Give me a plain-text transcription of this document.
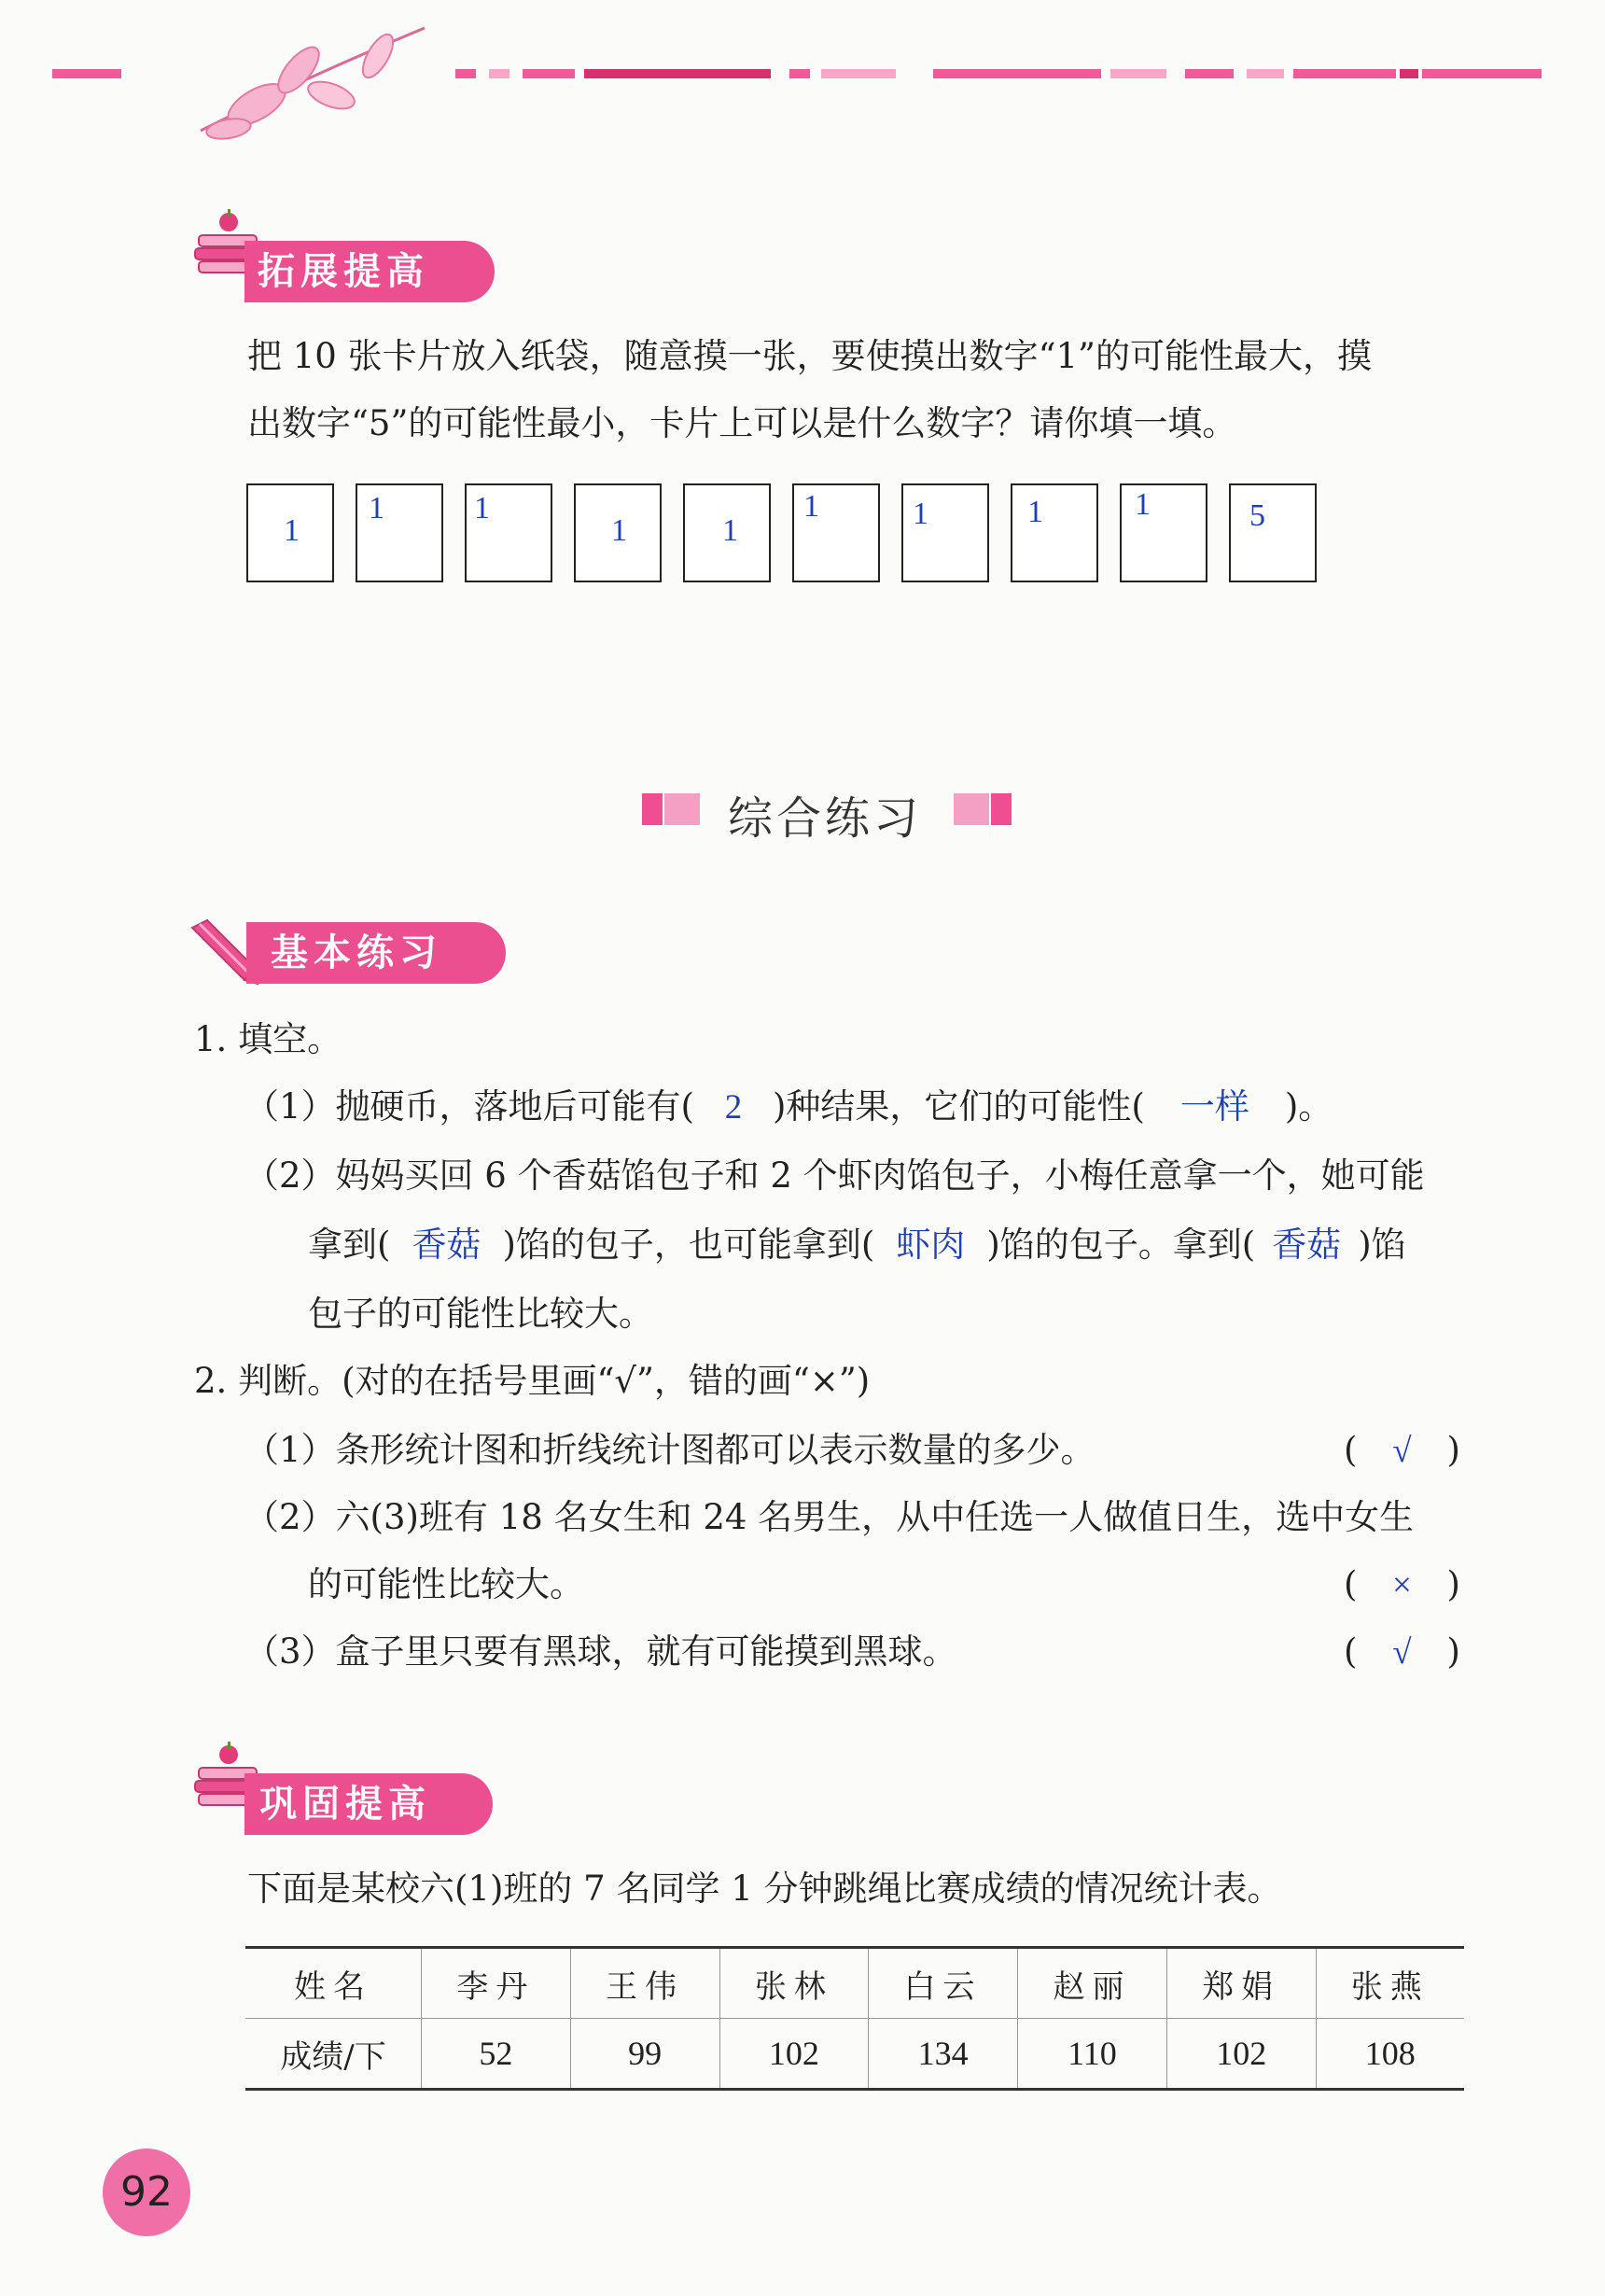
拓展提高
把 10 张卡片放入纸袋，随意摸一张，要使摸出数字“1”的可能性最大，摸
出数字“5”的可能性最小，卡片上可以是什么数字？请你填一填。
1
1	1
1	1
1	1	1	1	5
综合练习
基本练习
1. 填空。
（1）抛硬币，落地后可能有( 2 )种结果，它们的可能性( 一样 )。
（2）妈妈买回 6 个香菇馅包子和 2 个虾肉馅包子，小梅任意拿一个，她可能
拿到( 香菇 )馅的包子，也可能拿到( 虾肉 )馅的包子。拿到( 香菇 )馅
包子的可能性比较大。
2. 判断。(对的在括号里画“√”，错的画“×”)
（1）条形统计图和折线统计图都可以表示数量的多少。	( √ )
（2）六(3)班有 18 名女生和 24 名男生，从中任选一人做值日生，选中女生
的可能性比较大。	( × )
（3）盒子里只要有黑球，就有可能摸到黑球。	( √ )
巩固提高
下面是某校六(1)班的 7 名同学 1 分钟跳绳比赛成绩的情况统计表。
姓名	李丹	王伟	张林	白云	赵丽	郑娟	张燕
成绩/下	52	99	102	134	110	102	108
92
